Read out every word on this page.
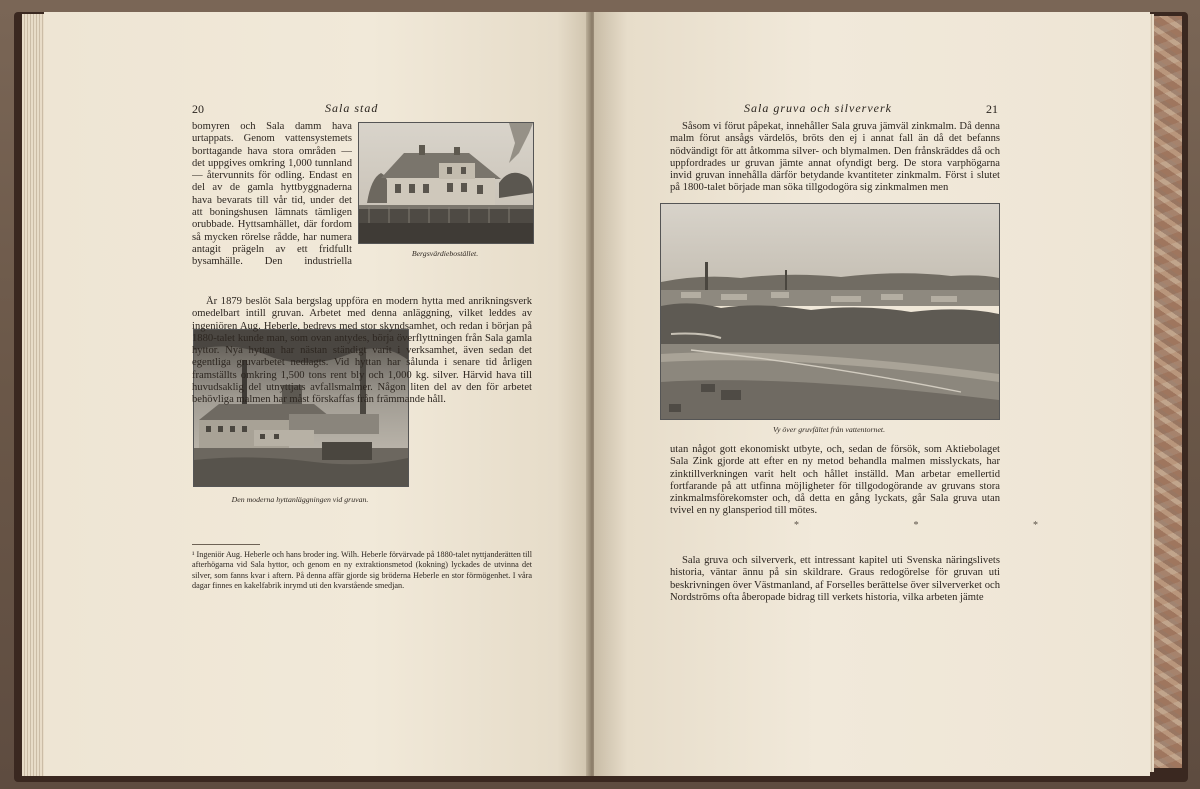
20	Sala stad
Bergsvärdiebostället.

bomyren och Sala damm hava urtappats. Genom vattensystemets borttagande hava stora områden — det uppgives omkring 1,000 tunnland — återvunnits för odling. Endast en del av de gamla hyttbyggnaderna hava bevarats till vår tid, under det att boningshusen lämnats tämligen orubbade. Hyttsamhället, där fordom så mycken rörelse rådde, har numera antagit prägeln av ett fridfullt bysamhälle. Den industriella

Den moderna hyttanläggningen vid gruvan.

År 1879 beslöt Sala bergslag uppföra en modern hytta med anrikningsverk omedelbart intill gruvan. Arbetet med denna anläggning, vilket leddes av ingeniören Aug. Heberle, bedrevs med stor skyndsamhet, och redan i början på 1880-talet kunde man, som ovan antydes, börja överflyttningen från Sala gamla hyttor. Nya hyttan har nästan ständigt varit i verksamhet, även sedan det egentliga gruvarbetet nedlagts. Vid hyttan har sålunda i senare tid årligen framställts omkring 1,500 tons rent bly och 1,000 kg. silver. Härvid hava till huvudsaklig del utnyttjats avfallsmalmer. Någon liten del av den för arbetet behövliga malmen har måst förskaffas från främmande håll.

¹ Ingeniör Aug. Heberle och hans broder ing. Wilh. Heberle förvärvade på 1880-talet nyttjanderätten till afterhögarna vid Sala hyttor, och genom en ny extraktionsmetod (kokning) lyckades de utvinna det silver, som fanns kvar i aftern. På denna affär gjorde sig bröderna Heberle en stor förmögenhet. I våra dagar finnes en kakelfabrik inrymd uti den kvarstående smedjan.

Sala gruva och silververk	21

Såsom vi förut påpekat, innehåller Sala gruva jämväl zinkmalm. Då denna malm förut ansågs värdelös, bröts den ej i annat fall än då det befanns nödvändigt för att åtkomma silver- och blymalmen. Den frånskräddes då och uppfordrades ur gruvan jämte annat ofyndigt berg. De stora varphögarna invid gruvan innehålla därför betydande kvantiteter zinkmalm. Först i slutet på 1800-talet började man söka tillgodogöra sig zinkmalmen men

Vy över gruvfältet från vattentornet.

utan något gott ekonomiskt utbyte, och, sedan de försök, som Aktiebolaget Sala Zink gjorde att efter en ny metod behandla malmen misslyckats, har zinktillverkningen varit helt och hållet inställd. Man arbetar emellertid fortfarande på att utfinna möjligheter för tillgodogörande av gruvans stora zinkmalmsförekomster och, då detta en gång lyckats, går Sala gruva utan tvivel en ny glansperiod till mötes.

* * *

Sala gruva och silververk, ett intressant kapitel uti Svenska näringslivets historia, väntar ännu på sin skildrare. Graus redogörelse för gruvan uti beskrivningen över Västmanland, af Forselles berättelse över silververket och Nordströms ofta åberopade bidrag till verkets historia, vilka arbeten jämte
